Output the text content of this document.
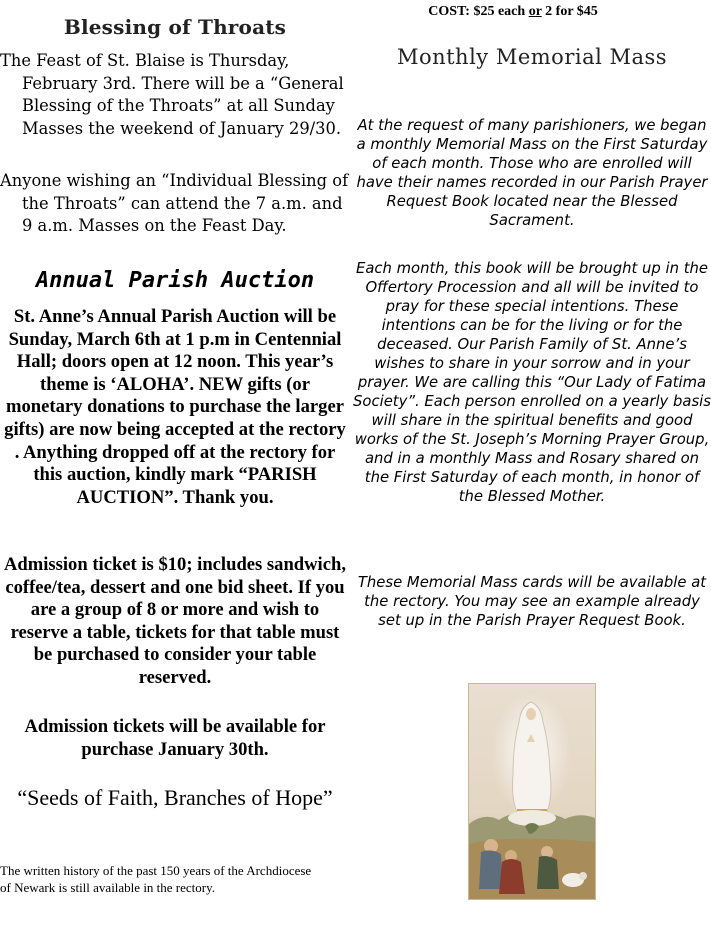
Blessing of Throats

The Feast of St. Blaise is Thursday, February 3rd. There will be a “General Blessing of the Throats” at all Sunday Masses the weekend of January 29/30.

Anyone wishing an “Individual Blessing of the Throats” can attend the 7 a.m. and 9 a.m. Masses on the Feast Day.

Annual Parish Auction

St. Anne’s Annual Parish Auction will be Sunday, March 6th at 1 p.m in Centennial Hall; doors open at 12 noon. This year’s theme is ‘ALOHA’. NEW gifts (or monetary donations to purchase the larger gifts) are now being accepted at the rectory . Anything dropped off at the rectory for this auction, kindly mark “PARISH AUCTION”. Thank you.

Admission ticket is $10; includes sandwich, coffee/tea, dessert and one bid sheet. If you are a group of 8 or more and wish to reserve a table, tickets for that table must be purchased to consider your table reserved.

Admission tickets will be available for purchase January 30th.

“Seeds of Faith, Branches of Hope”

The written history of the past 150 years of the Archdiocese of Newark is still available in the rectory.

COST: $25 each or 2 for $45

Monthly Memorial Mass

At the request of many parishioners, we began a monthly Memorial Mass on the First Saturday of each month. Those who are enrolled will have their names recorded in our Parish Prayer Request Book located near the Blessed Sacrament.

Each month, this book will be brought up in the Offertory Procession and all will be invited to pray for these special intentions. These intentions can be for the living or for the deceased. Our Parish Family of St. Anne’s wishes to share in your sorrow and in your prayer. We are calling this “Our Lady of Fatima Society”. Each person enrolled on a yearly basis will share in the spiritual benefits and good works of the St. Joseph’s Morning Prayer Group, and in a monthly Mass and Rosary shared on the First Saturday of each month, in honor of the Blessed Mother.

These Memorial Mass cards will be available at the rectory. You may see an example already set up in the Parish Prayer Request Book.
